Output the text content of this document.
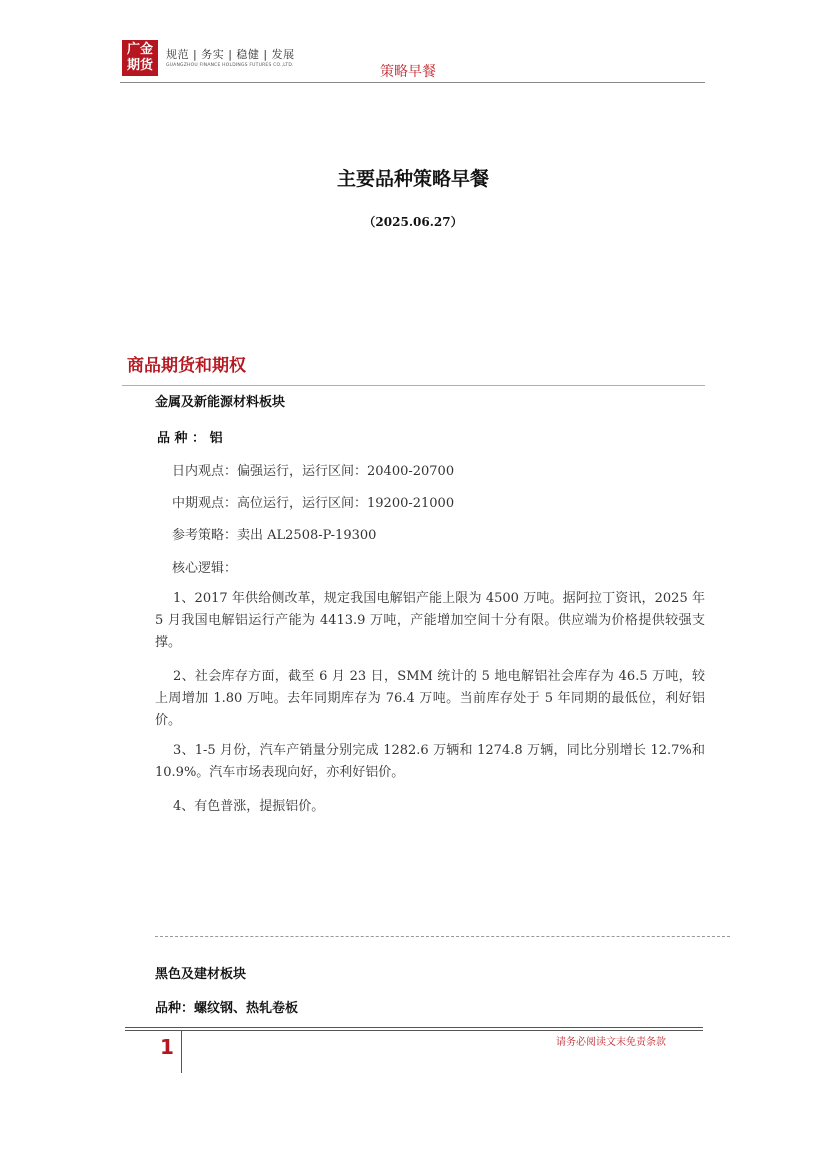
广金
期货
规范 | 务实 | 稳健 | 发展
GUANGZHOU FINANCE HOLDINGS FUTURES CO.,LTD.	策略早餐
主要品种策略早餐
（2025.06.27）
商品期货和期权
金属及新能源材料板块
品 种 ： 铝
日内观点：偏强运行，运行区间：20400-20700
中期观点：高位运行，运行区间：19200-21000
参考策略：卖出 AL2508-P-19300
核心逻辑：
1、2017 年供给侧改革，规定我国电解铝产能上限为 4500 万吨。据阿拉丁资讯，2025 年 5 月我国电解铝运行产能为 4413.9 万吨，产能增加空间十分有限。供应端为价格提供较强支撑。
2、社会库存方面，截至 6 月 23 日，SMM 统计的 5 地电解铝社会库存为 46.5 万吨，较上周增加 1.80 万吨。去年同期库存为 76.4 万吨。当前库存处于 5 年同期的最低位，利好铝价。
3、1-5 月份，汽车产销量分别完成 1282.6 万辆和 1274.8 万辆，同比分别增长 12.7%和 10.9%。汽车市场表现向好，亦利好铝价。
4、有色普涨，提振铝价。
黑色及建材板块
品种：螺纹钢、热轧卷板
1	请务必阅读文末免责条款
